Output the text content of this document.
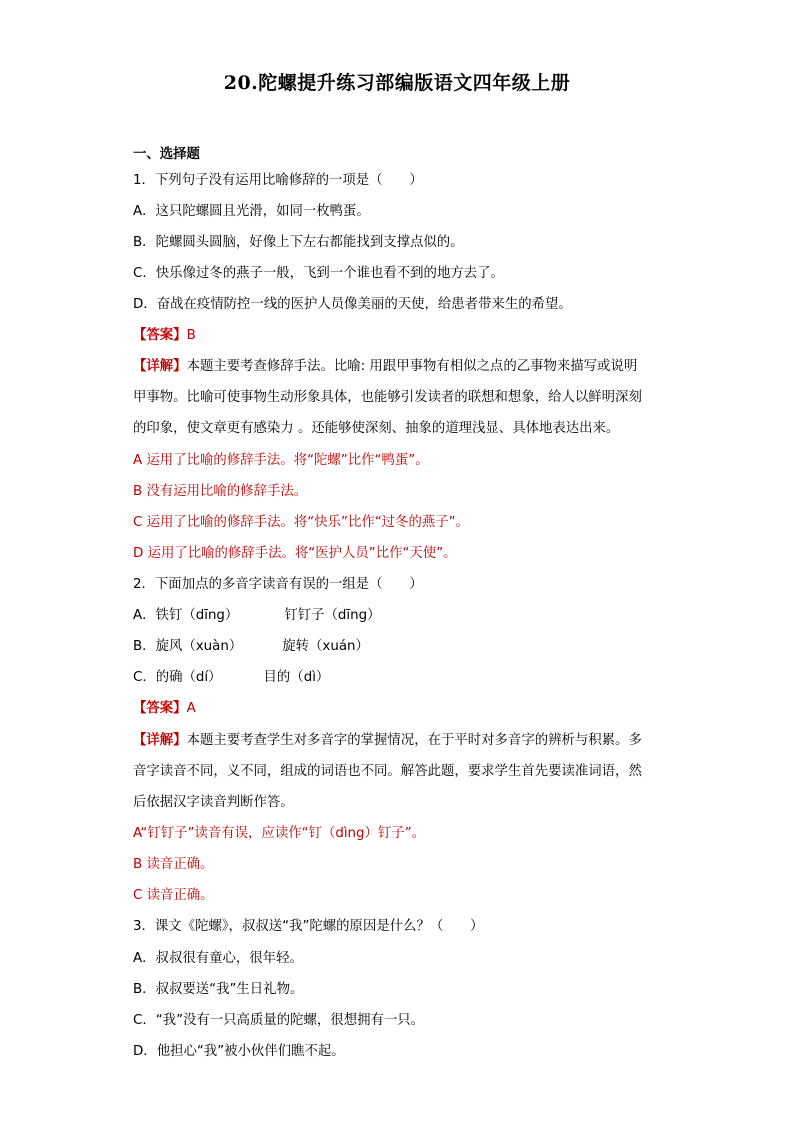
20.陀螺提升练习部编版语文四年级上册
一、选择题
1．下列句子没有运用比喻修辞的一项是（　　）
A．这只陀螺圆且光滑，如同一枚鸭蛋。
B．陀螺圆头圆脑，好像上下左右都能找到支撑点似的。
C．快乐像过冬的燕子一般，飞到一个谁也看不到的地方去了。
D．奋战在疫情防控一线的医护人员像美丽的天使，给患者带来生的希望。
【答案】B
【详解】本题主要考查修辞手法。比喻: 用跟甲事物有相似之点的乙事物来描写或说明
甲事物。比喻可使事物生动形象具体，也能够引发读者的联想和想象，给人以鲜明深刻
的印象，使文章更有感染力 。还能够使深刻、抽象的道理浅显、具体地表达出来。
A 运用了比喻的修辞手法。将“陀螺”比作“鸭蛋”。
B 没有运用比喻的修辞手法。
C 运用了比喻的修辞手法。将“快乐”比作“过冬的燕子”。
D 运用了比喻的修辞手法。将“医护人员”比作“天使”。
2．下面加点的多音字读音有误的一组是（　　）
A．铁钉（dīng）	钉钉子（dīng）
B．旋风（xuàn）	旋转（xuán）
C．的确（dí）	目的（dì）
【答案】A
【详解】本题主要考查学生对多音字的掌握情况，在于平时对多音字的辨析与积累。多
音字读音不同，义不同，组成的词语也不同。解答此题，要求学生首先要读准词语，然
后依据汉字读音判断作答。
A“钉钉子”读音有误，应读作“钉（dìng）钉子”。
B 读音正确。
C 读音正确。
3．课文《陀螺》，叔叔送“我”陀螺的原因是什么？（　　）
A．叔叔很有童心，很年轻。
B．叔叔要送“我”生日礼物。
C．“我”没有一只高质量的陀螺，很想拥有一只。
D．他担心“我”被小伙伴们瞧不起。
